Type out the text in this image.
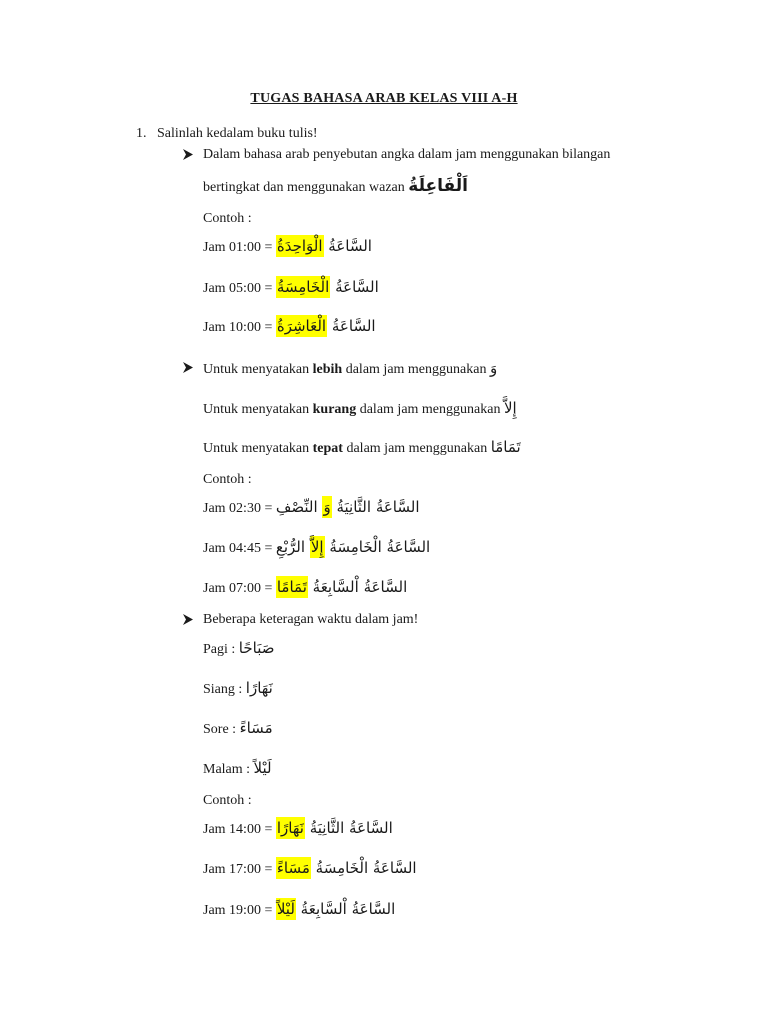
TUGAS BAHASA ARAB KELAS VIII A-H
1. Salinlah kedalam buku tulis!
Dalam bahasa arab penyebutan angka dalam jam menggunakan bilangan
bertingkat dan menggunakan wazan اَلْفَاعِلَةُ
Contoh :
Jam 01:00 =	السَّاعَةُ الْوَاحِدَةُ
Jam 05:00 =	السَّاعَةُ الْخَامِسَةُ
Jam 10:00 =	السَّاعَةُ الْعَاشِرَةُ
Untuk menyatakan lebih dalam jam menggunakan وَ
Untuk menyatakan kurang dalam jam menggunakan إِلاَّ
Untuk menyatakan tepat dalam jam menggunakan تَمَامًا
Contoh :
Jam 02:30 =	السَّاعَةُ الثَّانِيَةُ وَ النِّصْفِ
Jam 04:45 =	السَّاعَةُ الْخَامِسَةُ إِلاَّ الرُّبْعِ
Jam 07:00 =	السَّاعَةُ اْلسَّابِعَةُ تَمَامًا
Beberapa keteragan waktu dalam jam!
Pagi : صَبَاحًا
Siang : نَهَارًا
Sore : مَسَاءً
Malam : لَيْلاً
Contoh :
Jam 14:00 = السَّاعَةُ الثَّانِيَةُ نَهَارًا
Jam 17:00 =	السَّاعَةُ الْخَامِسَةُ مَسَاءً
Jam 19:00 = السَّاعَةُ اْلسَّابِعَةُ لَيْلاً
